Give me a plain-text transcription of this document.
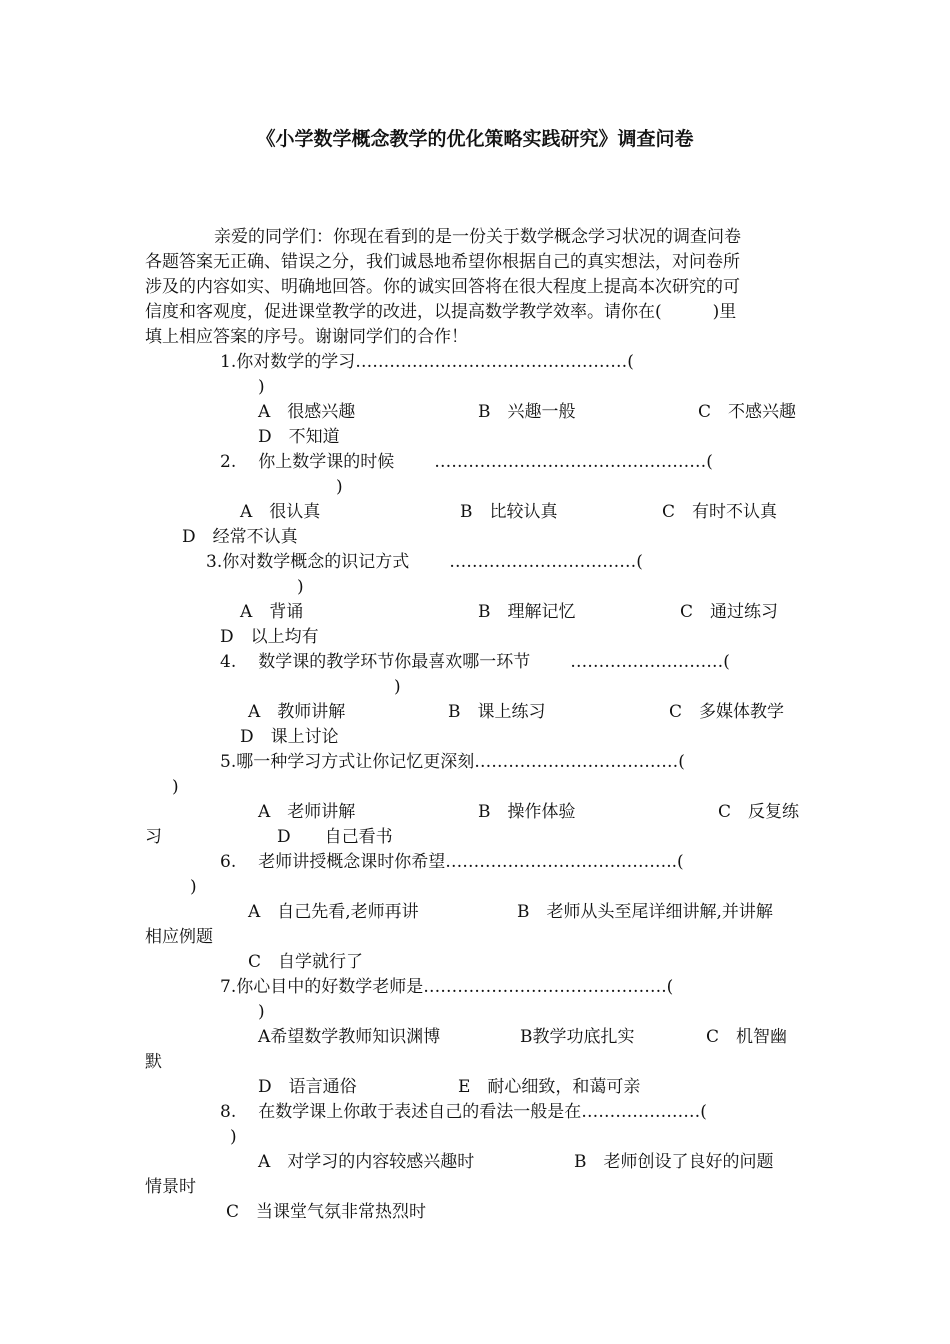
《小学数学概念教学的优化策略实践研究》调查问卷
亲爱的同学们：你现在看到的是一份关于数学概念学习状况的调查问卷
各题答案无正确、错误之分，我们诚恳地希望你根据自己的真实想法，对问卷所
涉及的内容如实、明确地回答。你的诚实回答将在很大程度上提高本次研究的可
信度和客观度，促进课堂教学的改进，以提高数学教学效率。请你在(　　　)里
填上相应答案的序号。谢谢同学们的合作！
1.你对数学的学习…………………………………………(
)
A　很感兴趣	B　兴趣一般	C　不感兴趣
D　不知道
2. 你上数学课的时候 …………………………………………(
)
A　很认真	B　比较认真	C　有时不认真
D　经常不认真
3.你对数学概念的识记方式 ……………………………(
)
A　背诵	B　理解记忆	C　通过练习
D　以上均有
4. 数学课的教学环节你最喜欢哪一环节 ………………………(
)
A　教师讲解	B　课上练习	C　多媒体教学
D　课上讨论
5.哪一种学习方式让你记忆更深刻………………………………(
)
A　老师讲解	B　操作体验	C　反复练
习	D　　自己看书
6. 老师讲授概念课时你希望…………………………………..(
)
A　自己先看,老师再讲	B　老师从头至尾详细讲解,并讲解
相应例题
C　自学就行了
7.你心目中的好数学老师是…………………………………….(
)
A希望数学教师知识渊博	B教学功底扎实	C　机智幽
默
D　语言通俗	E　耐心细致，和蔼可亲
8. 在数学课上你敢于表述自己的看法一般是在…………………(
)
A　对学习的内容较感兴趣时	B　老师创设了良好的问题
情景时
C　当课堂气氛非常热烈时
